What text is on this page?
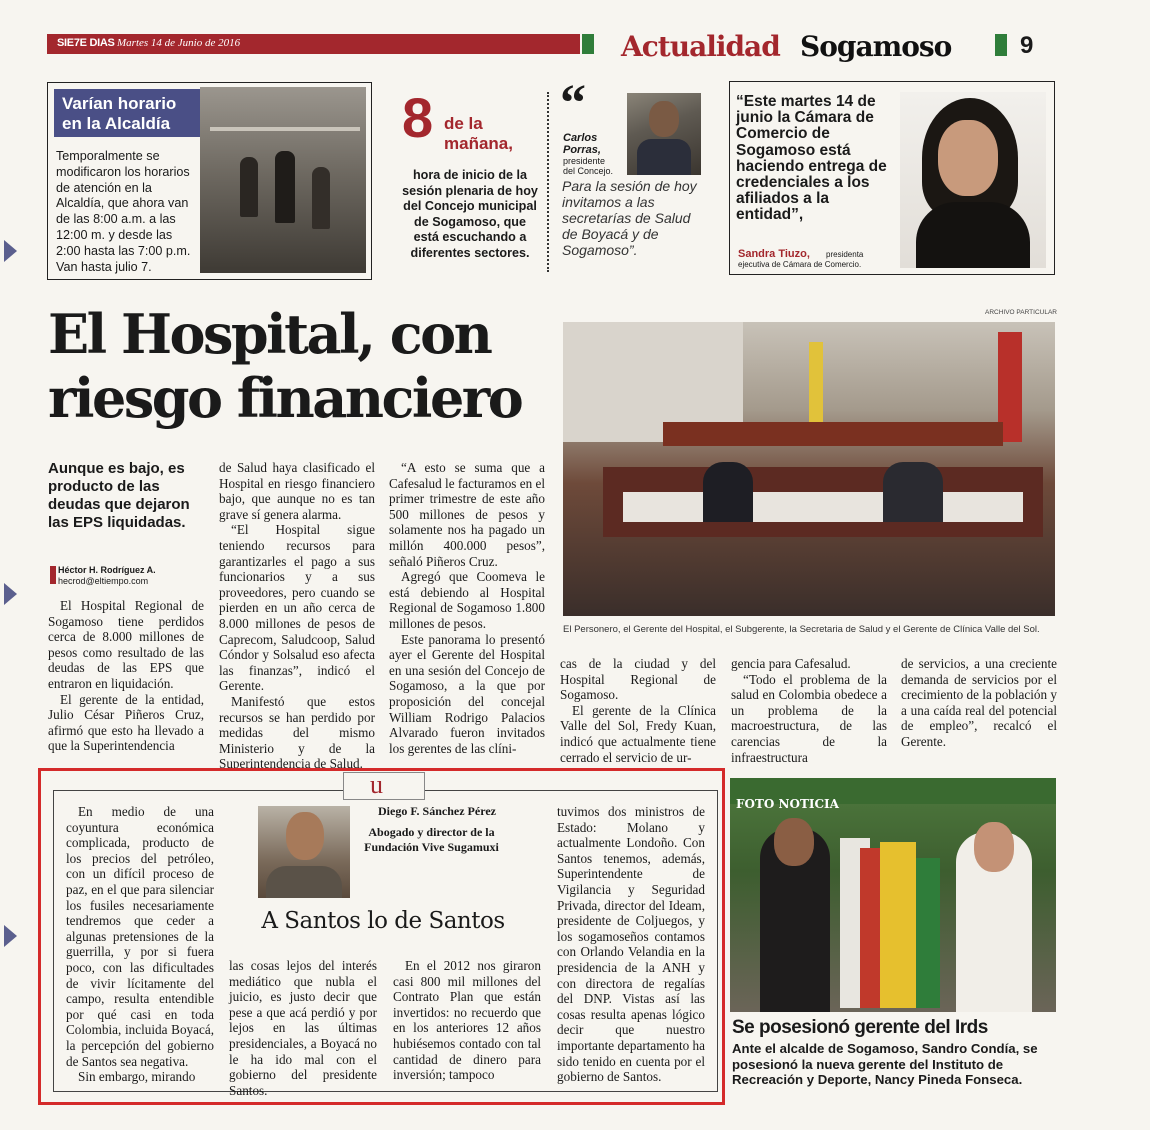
SIE7E DIAS Martes 14 de Junio de 2016	Actualidad Sogamoso	9
Varían horario
en la Alcaldía
Temporalmente se modificaron los horarios de atención en la Alcaldía, que ahora van de las 8:00 a.m. a las 12:00 m. y desde las 2:00 hasta las 7:00 p.m. Van hasta julio 7.
8 de la
mañana,
hora de inicio de la sesión plenaria de hoy del Concejo municipal de Sogamoso, que está escuchando a diferentes sectores.
“
Carlos
Porras,
presidente
del Concejo.
Para la sesión de hoy invitamos a las secretarías de Salud de Boyacá y de Sogamoso”.
“Este martes 14 de junio la Cámara de Comercio de Sogamoso está haciendo entrega de credenciales a los afiliados a la entidad”,
Sandra Tiuzo, presidenta
ejecutiva de Cámara de Comercio.
El Hospital, con
riesgo financiero
Aunque es bajo, es producto de las deudas que dejaron las EPS liquidadas.
Héctor H. Rodríguez A.
hecrod@eltiempo.com

El Hospital Regional de Sogamoso tiene perdidos cerca de 8.000 millones de pesos como resultado de las deudas de las EPS que entraron en liquidación.

El gerente de la entidad, Julio César Piñeros Cruz, afirmó que esto ha llevado a que la Superintendencia

de Salud haya clasificado el Hospital en riesgo financiero bajo, que aunque no es tan grave sí genera alarma.

“El Hospital sigue teniendo recursos para garantizarles el pago a sus funcionarios y a sus proveedores, pero cuando se pierden en un año cerca de 8.000 millones de pesos de Caprecom, Saludcoop, Salud Cóndor y Solsalud eso afecta las finanzas”, indicó el Gerente.

Manifestó que estos recursos se han perdido por medidas del mismo Ministerio y de la Superintendencia de Salud.

“A esto se suma que a Cafesalud le facturamos en el primer trimestre de este año 500 millones de pesos y solamente nos ha pagado un millón 400.000 pesos”, señaló Piñeros Cruz.

Agregó que Coomeva le está debiendo al Hospital Regional de Sogamoso 1.800 millones de pesos.

Este panorama lo presentó ayer el Gerente del Hospital en una sesión del Concejo de Sogamoso, a la que por proposición del concejal William Rodrigo Palacios Alvarado fueron invitados los gerentes de las clíni-

cas de la ciudad y del Hospital Regional de Sogamoso.

El gerente de la Clínica Valle del Sol, Fredy Kuan, indicó que actualmente tiene cerrado el servicio de ur-

gencia para Cafesalud.

“Todo el problema de la salud en Colombia obedece a un problema de la macroestructura, de las carencias de la infraestructura

de servicios, a una creciente demanda de servicios por el crecimiento de la población y a una caída real del potencial de empleo”, recalcó el Gerente.

ARCHIVO PARTICULAR
El Personero, el Gerente del Hospital, el Subgerente, la Secretaria de Salud y el Gerente de Clínica Valle del Sol.
u

En medio de una coyuntura económica complicada, producto de los precios del petróleo, con un difícil proceso de paz, en el que para silenciar los fusiles necesariamente tendremos que ceder a algunas pretensiones de la guerrilla, y por si fuera poco, con las dificultades de vivir lícitamente del campo, resulta entendible por qué casi en toda Colombia, incluida Boyacá, la percepción del gobierno de Santos sea negativa.

Sin embargo, mirando

Diego F. Sánchez Pérez
Abogado y director de la Fundación Vive Sugamuxi
A Santos lo de Santos

las cosas lejos del interés mediático que nubla el juicio, es justo decir que pese a que acá perdió y por lejos en las últimas presidenciales, a Boyacá no le ha ido mal con el gobierno del presidente Santos.

En el 2012 nos giraron casi 800 mil millones del Contrato Plan que están invertidos: no recuerdo que en los anteriores 12 años hubiésemos contado con tal cantidad de dinero para inversión; tampoco

tuvimos dos ministros de Estado: Molano y actualmente Londoño. Con Santos tenemos, además, Superintendente de Vigilancia y Seguridad Privada, director del Ideam, presidente de Coljuegos, y los sogamoseños contamos con Orlando Velandia en la presidencia de la ANH y con directora de regalías del DNP. Vistas así las cosas resulta apenas lógico decir que nuestro importante departamento ha sido tenido en cuenta por el gobierno de Santos.

FOTO NOTICIA
Se posesionó gerente del Irds
Ante el alcalde de Sogamoso, Sandro Condía, se posesionó la nueva gerente del Instituto de Recreación y Deporte, Nancy Pineda Fonseca.
